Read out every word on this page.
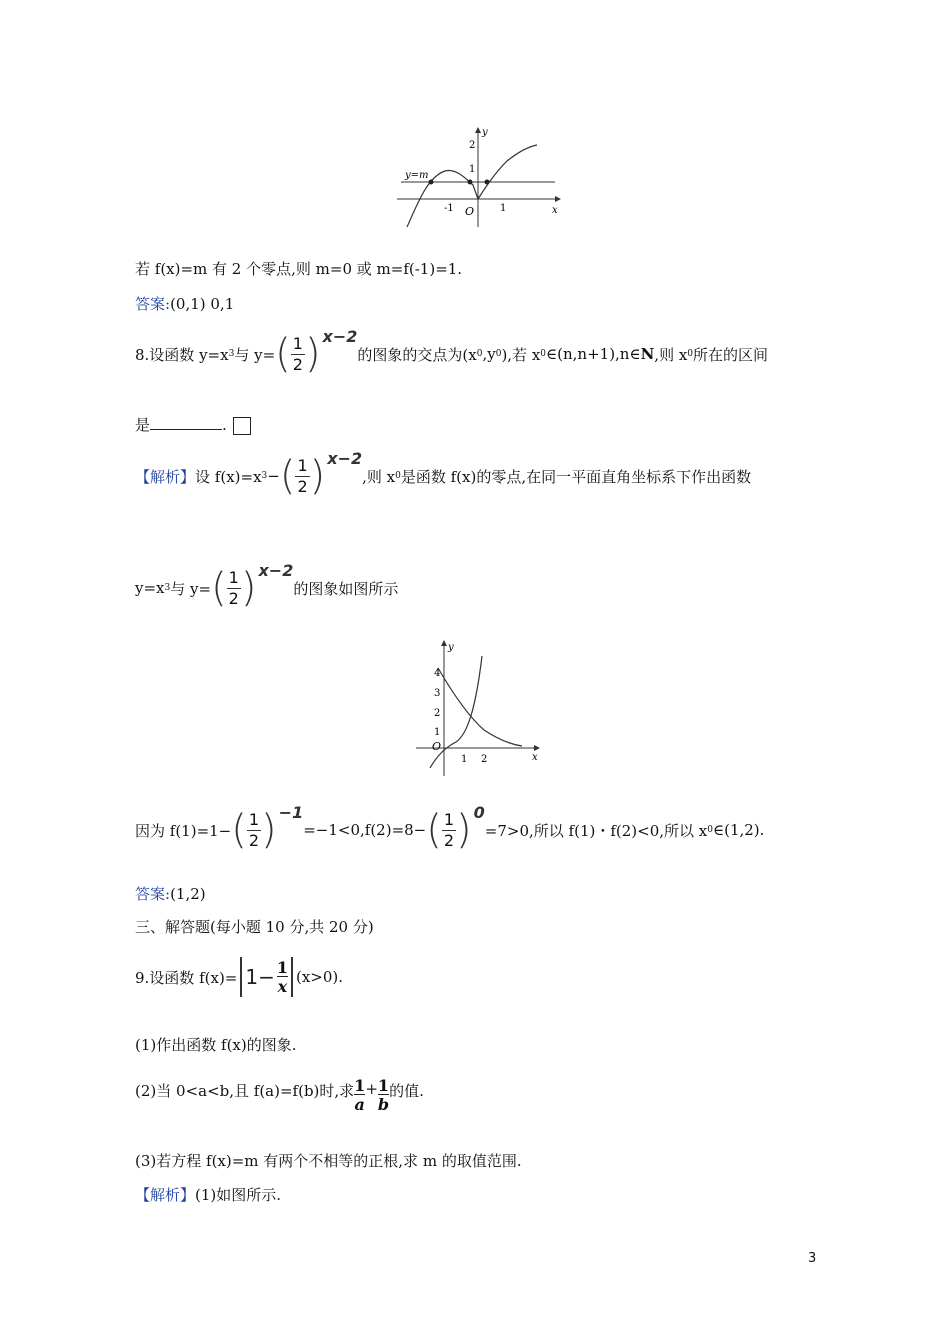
y=m
y
x
2
1
-1 O	1
若 f(x)=m 有 2 个零点,则 m=0 或 m=f(-1)=1.
答案:(0,1) 0,1
8.设函数 y=x 3 与 y= ( $\frac{1}{2}$ ) x−2
的图象的交点为(x 0 ,y 0 ),若 x 0 ∈(n,n+1),n∈ N ,则 x 0 所在的区间
是	.
【解析】 设 f(x)=x 3 − ( $\frac{1}{2}$ ) x−2
,则 x 0 是函数 f(x)的零点,在同一平面直角坐标系下作出函数
y=x 3 与 y= ( $\frac{1}{2}$ ) x−2
的图象如图所示
y
x
4
3
2
1
O
1 2
因为 f(1)=1− ( $\frac{1}{2}$ ) −1
=−1<0,f(2)=8− ( $\frac{1}{2}$ ) 0
=7>0,所以 f(1)・f(2)<0,所以 x 0 ∈(1,2).
答案:(1,2)
三、解答题(每小题 10 分,共 20 分)
9.设函数 $f(x)= 1- \frac{1}{x} (x>0)$.
(1)作出函数 f(x)的图象.
(2)当 0<a<b,且 f(a)=f(b)时,求 $\frac{1}{a} + \frac{1}{b}$ 的值.
(3)若方程 f(x)=m 有两个不相等的正根,求 m 的取值范围.
【解析】(1)如图所示.
3
